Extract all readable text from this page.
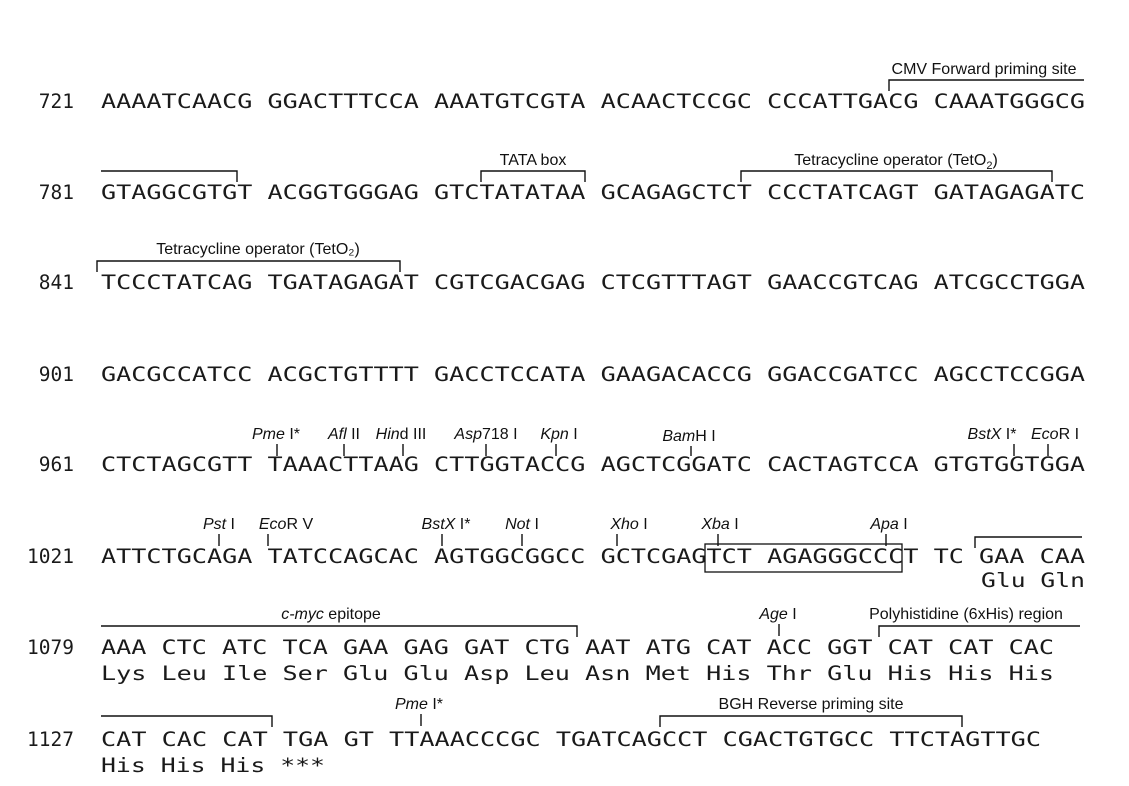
721 AAAATCAACG GGACTTTCCA AAATGTCGTA ACAACTCCGC CCCATTGACG CAAATGGGCG
CMV Forward priming site
781 GTAGGCGTGT ACGGTGGGAG GTCTATATAA GCAGAGCTCT CCCTATCAGT GATAGAGATC
TATA box	Tetracycline operator (TetO$_2$)
841 TCCCTATCAG TGATAGAGAT CGTCGACGAG CTCGTTTAGT GAACCGTCAG ATCGCCTGGA
Tetracycline operator (TetO₂)
901 GACGCCATCC ACGCTGTTTT GACCTCCATA GAAGACACCG GGACCGATCC AGCCTCCGGA
961 CTCTAGCGTT TAAACTTAAG CTTGGTACCG AGCTCGGATC CACTAGTCCA GTGTGGTGGA
Pme I* Afl II Hind III Asp718 I Kpn I	BamH I	BstX I* EcoR I
1021 ATTCTGCAGA TATCCAGCAC AGTGGCGGCC GCTCGAGTCT AGAGGGCCCT TC GAA CAA
Glu Gln
Pst I EcoR V	BstX I* Not I	Xho I	Xba I	Apa I
1079 AAA CTC ATC TCA GAA GAG GAT CTG AAT ATG CAT ACC GGT CAT CAT CAC
Lys Leu Ile Ser Glu Glu Asp Leu Asn Met His Thr Glu His His His
c-myc epitope	Age I	Polyhistidine (6xHis) region
1127 CAT CAC CAT TGA GT TTAAACCCGC TGATCAGCCT CGACTGTGCC TTCTAGTTGC
His His His ***
Pme I*	BGH Reverse priming site
